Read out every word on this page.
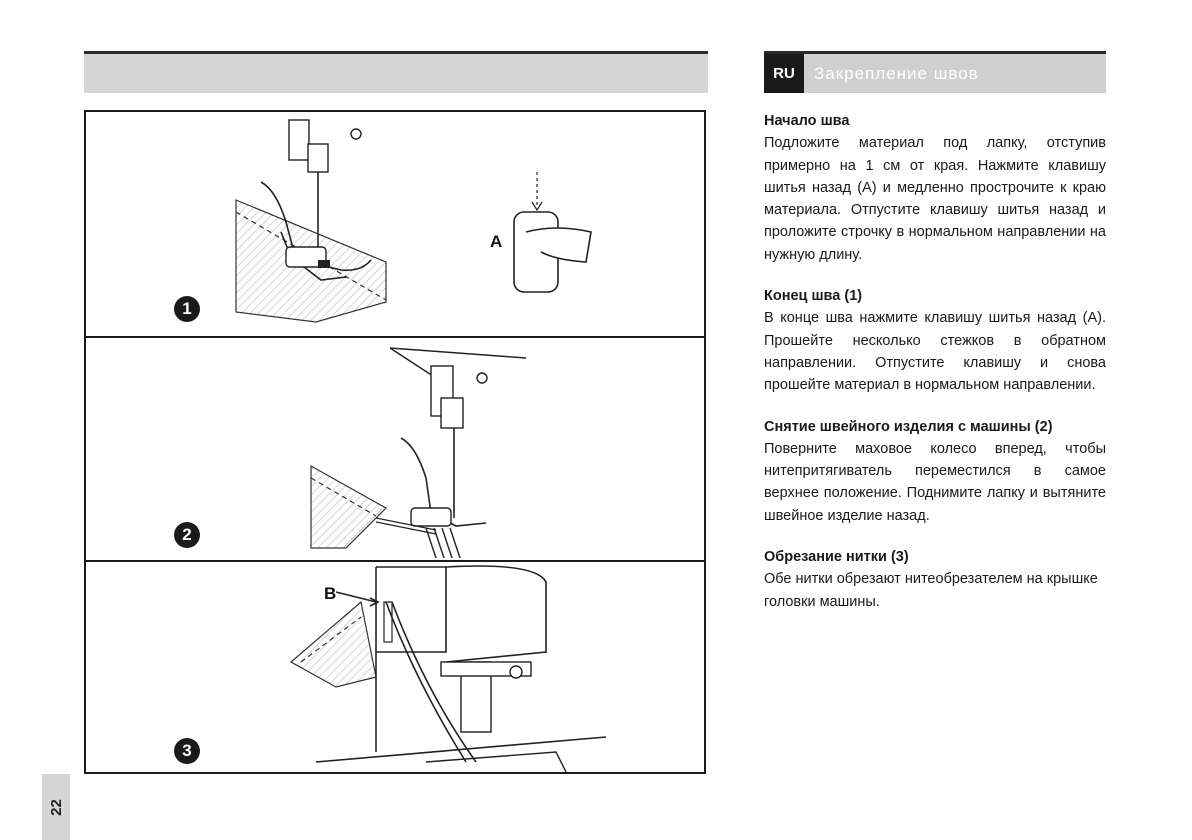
1
A
2
B
3
RU	Закрепление швов
Начало шва

Подложите материал под лапку, отступив примерно на 1 см от края. Нажмите клавишу шитья назад (А) и медленно прострочите к краю материала. Отпустите клавишу шитья назад и проложите строчку в нормальном направлении на нужную длину.

Конец шва (1)

В конце шва нажмите клавишу шитья назад (А). Прошейте несколько стежков в обратном направлении. Отпустите клавишу и снова прошейте материал в нормальном направлении.

Снятие швейного изделия с машины (2)

Поверните маховое колесо вперед, чтобы нитепритягиватель переместился в самое верхнее положение. Поднимите лапку и вытяните швейное изделие назад.

Обрезание нитки (3)

Обе нитки обрезают нитеобрезателем на крышке головки машины.

22
